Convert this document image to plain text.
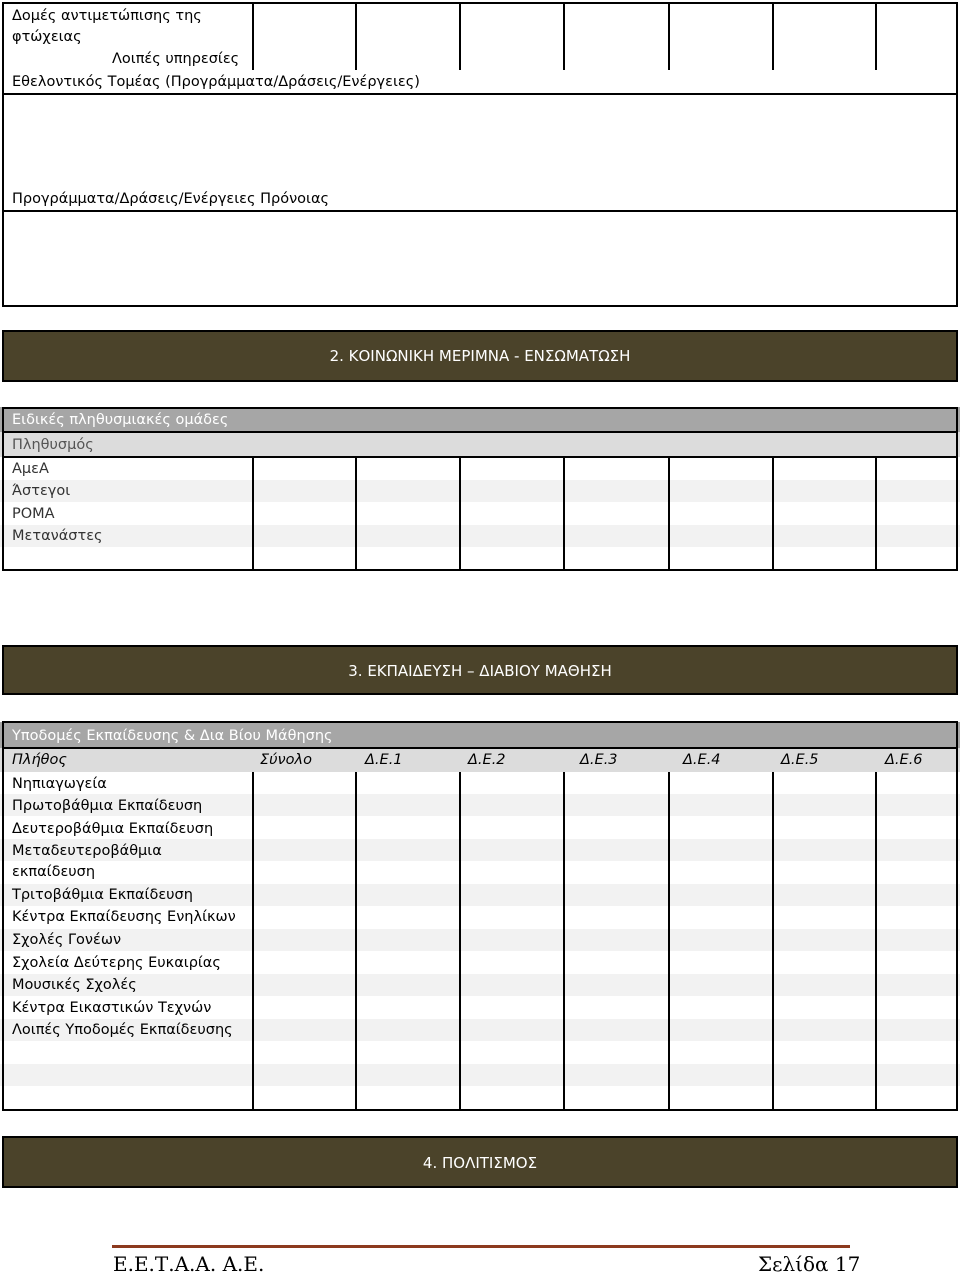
Δομές αντιμετώπισης της
φτώχειας
Λοιπές υπηρεσίες
Εθελοντικός Τομέας (Προγράμματα/Δράσεις/Ενέργειες)
Προγράμματα/Δράσεις/Ενέργειες Πρόνοιας
2. ΚΟΙΝΩΝΙΚΗ ΜΕΡΙΜΝΑ - ΕΝΣΩΜΑΤΩΣΗ
Ειδικές πληθυσμιακές ομάδες
Πληθυσμός
ΑμεΑ
Άστεγοι
ΡΟΜΑ
Μετανάστες
3. ΕΚΠΑΙΔΕΥΣΗ – ΔΙΑΒΙΟΥ ΜΑΘΗΣΗ
Υποδομές Εκπαίδευσης & Δια Βίου Μάθησης
Πλήθος	Σύνολο	Δ.Ε.1	Δ.Ε.2	Δ.Ε.3	Δ.Ε.4	Δ.Ε.5	Δ.Ε.6
Νηπιαγωγεία
Πρωτοβάθμια Εκπαίδευση
Δευτεροβάθμια Εκπαίδευση
Μεταδευτεροβάθμια
εκπαίδευση
Τριτοβάθμια Εκπαίδευση
Κέντρα Εκπαίδευσης Ενηλίκων
Σχολές Γονέων
Σχολεία Δεύτερης Ευκαιρίας
Μουσικές Σχολές
Κέντρα Εικαστικών Τεχνών
Λοιπές Υποδομές Εκπαίδευσης
4. ΠΟΛΙΤΙΣΜΟΣ
Ε.Ε.Τ.Α.Α. Α.Ε.	Σελίδα 17
